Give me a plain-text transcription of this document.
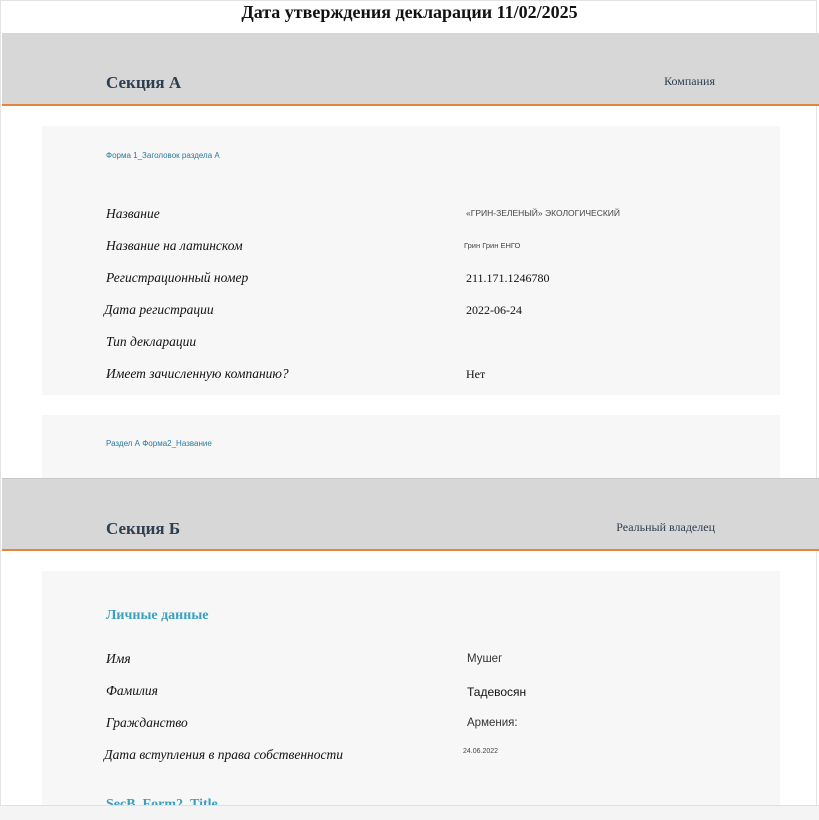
Дата утверждения декларации 11/02/2025
Секция А	Компания
Форма 1_Заголовок раздела А
Название	«ГРИН-ЗЕЛЕНЫЙ» ЭКОЛОГИЧЕСКИЙ
Название на латинском	Грин Грин ЕНГО
Регистрационный номер	211.171.1246780
Дата регистрации	2022-06-24
Тип декларации
Имеет зачисленную компанию?	Нет
Раздел А Форма2_Название
Секция Б	Реальный владелец
Личные данные
Имя	Мушег
Фамилия	Тадевосян
Гражданство	Армения:
Дата вступления в права собственности	24.06.2022
